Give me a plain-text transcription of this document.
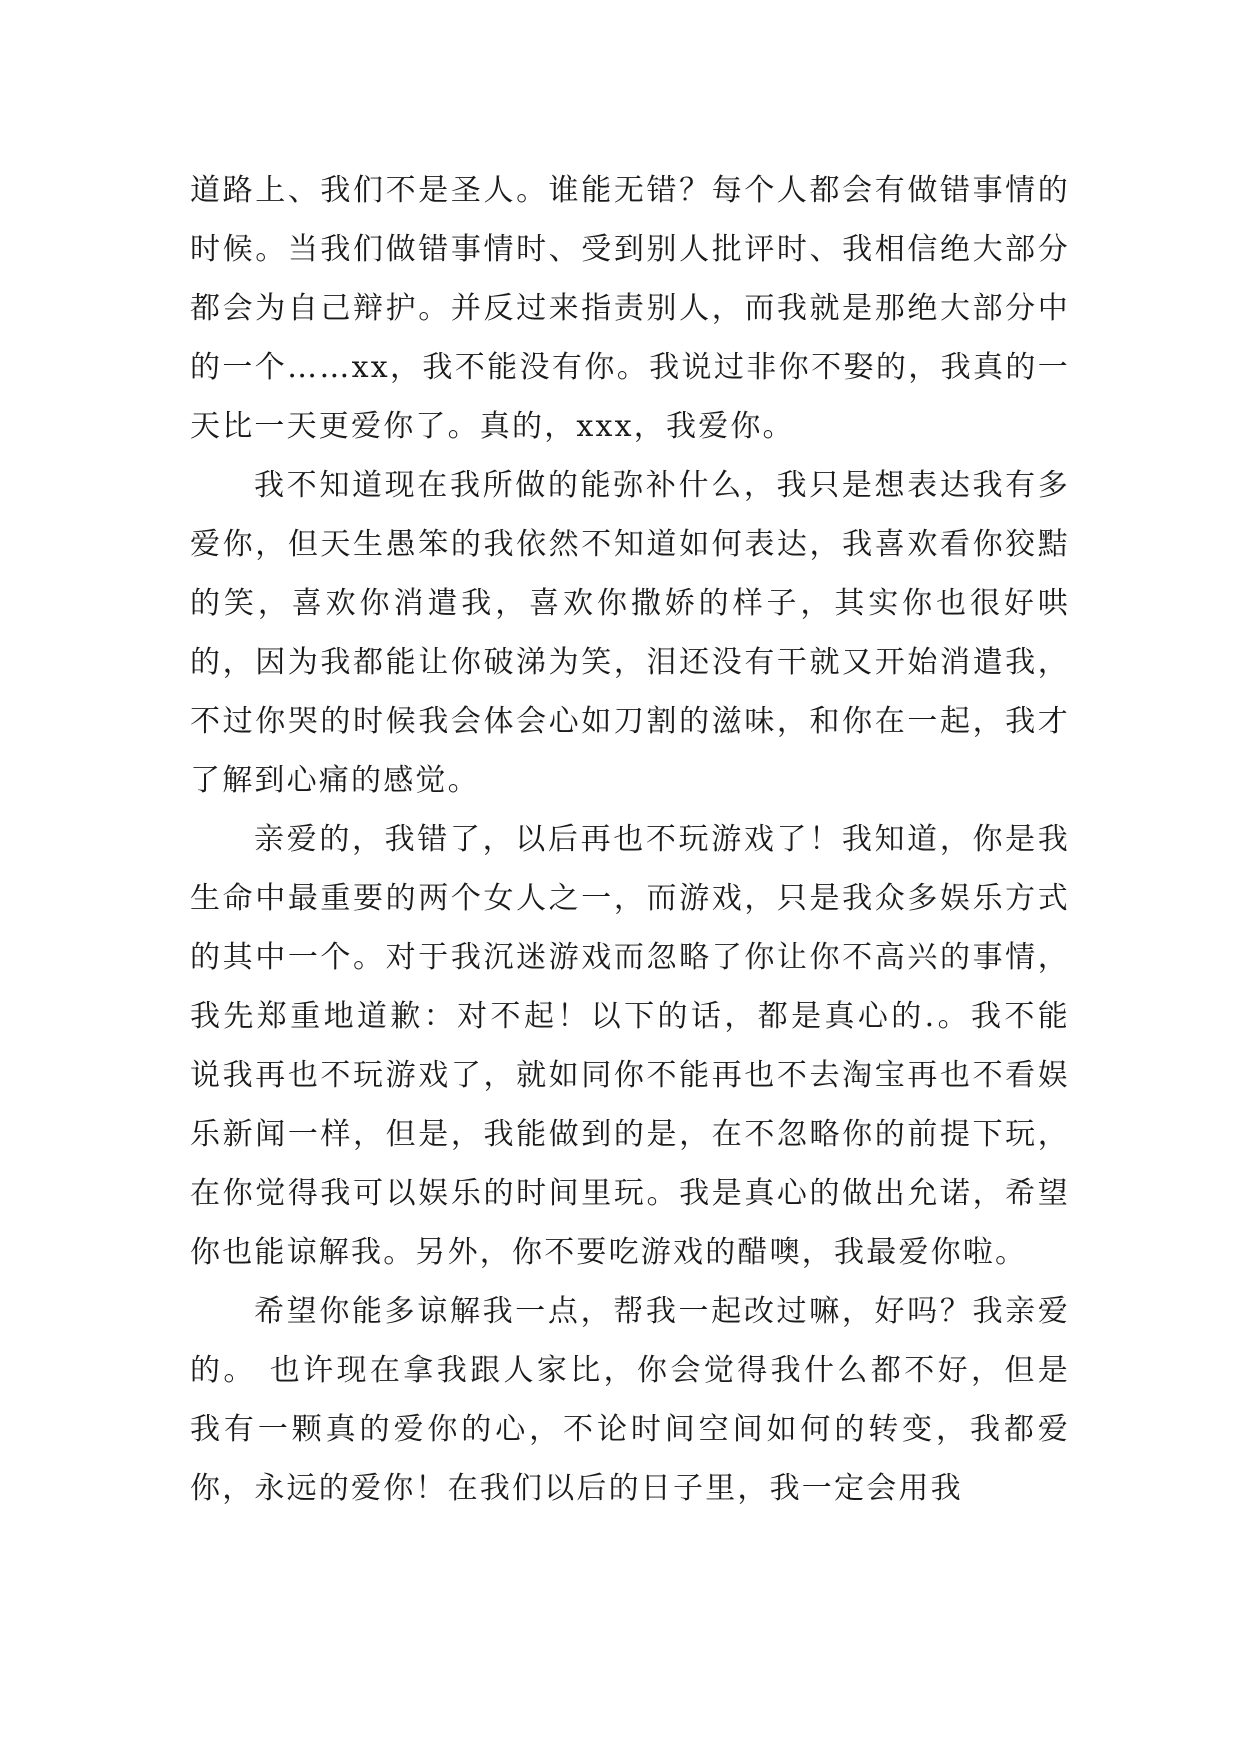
道路上、我们不是圣人。谁能无错？每个人都会有做错事情的时候。当我们做错事情时、受到别人批评时、我相信绝大部分都会为自己辩护。并反过来指责别人，而我就是那绝大部分中的一个……xx，我不能没有你。我说过非你不娶的，我真的一天比一天更爱你了。真的，xxx，我爱你。

我不知道现在我所做的能弥补什么，我只是想表达我有多爱你，但天生愚笨的我依然不知道如何表达，我喜欢看你狡黠的笑，喜欢你消遣我，喜欢你撒娇的样子，其实你也很好哄的，因为我都能让你破涕为笑，泪还没有干就又开始消遣我，不过你哭的时候我会体会心如刀割的滋味，和你在一起，我才了解到心痛的感觉。

亲爱的，我错了，以后再也不玩游戏了！我知道，你是我生命中最重要的两个女人之一，而游戏，只是我众多娱乐方式的其中一个。对于我沉迷游戏而忽略了你让你不高兴的事情，我先郑重地道歉：对不起！以下的话，都是真心的.。我不能说我再也不玩游戏了，就如同你不能再也不去淘宝再也不看娱乐新闻一样，但是，我能做到的是，在不忽略你的前提下玩，在你觉得我可以娱乐的时间里玩。我是真心的做出允诺，希望你也能谅解我。另外，你不要吃游戏的醋噢，我最爱你啦。

希望你能多谅解我一点，帮我一起改过嘛，好吗？我亲爱的。 也许现在拿我跟人家比，你会觉得我什么都不好，但是我有一颗真的爱你的心，不论时间空间如何的转变，我都爱你，永远的爱你！在我们以后的日子里，我一定会用我
